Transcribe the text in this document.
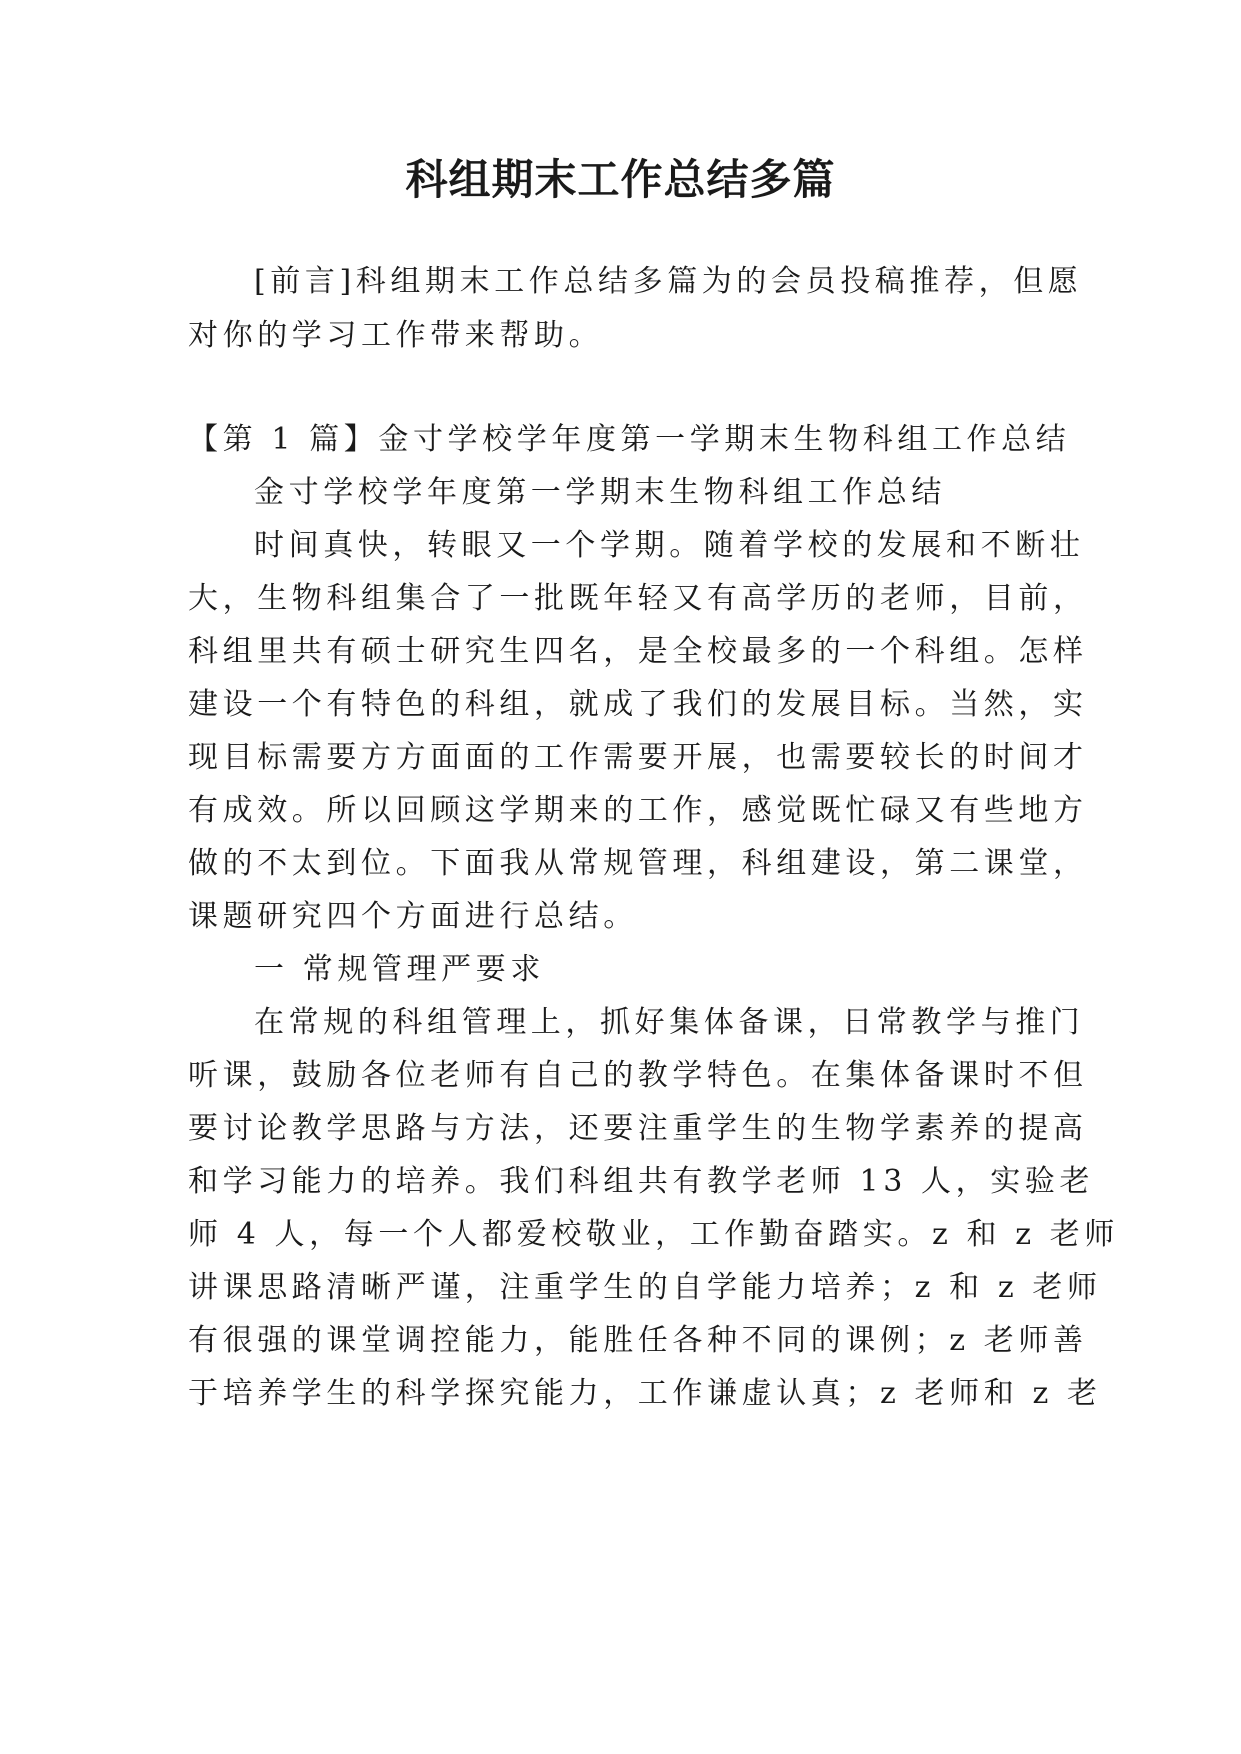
科组期末工作总结多篇
[前言]科组期末工作总结多篇为的会员投稿推荐，但愿
对你的学习工作带来帮助。
【第 1 篇】金寸学校学年度第一学期末生物科组工作总结
金寸学校学年度第一学期末生物科组工作总结
时间真快，转眼又一个学期。随着学校的发展和不断壮
大，生物科组集合了一批既年轻又有高学历的老师，目前，
科组里共有硕士研究生四名，是全校最多的一个科组。怎样
建设一个有特色的科组，就成了我们的发展目标。当然，实
现目标需要方方面面的工作需要开展，也需要较长的时间才
有成效。所以回顾这学期来的工作，感觉既忙碌又有些地方
做的不太到位。下面我从常规管理，科组建设，第二课堂，
课题研究四个方面进行总结。
一 常规管理严要求
在常规的科组管理上，抓好集体备课，日常教学与推门
听课，鼓励各位老师有自己的教学特色。在集体备课时不但
要讨论教学思路与方法，还要注重学生的生物学素养的提高
和学习能力的培养。我们科组共有教学老师 13 人，实验老
师 4 人，每一个人都爱校敬业，工作勤奋踏实。z 和 z 老师
讲课思路清晰严谨，注重学生的自学能力培养；z 和 z 老师
有很强的课堂调控能力，能胜任各种不同的课例；z 老师善
于培养学生的科学探究能力，工作谦虚认真；z 老师和 z 老
